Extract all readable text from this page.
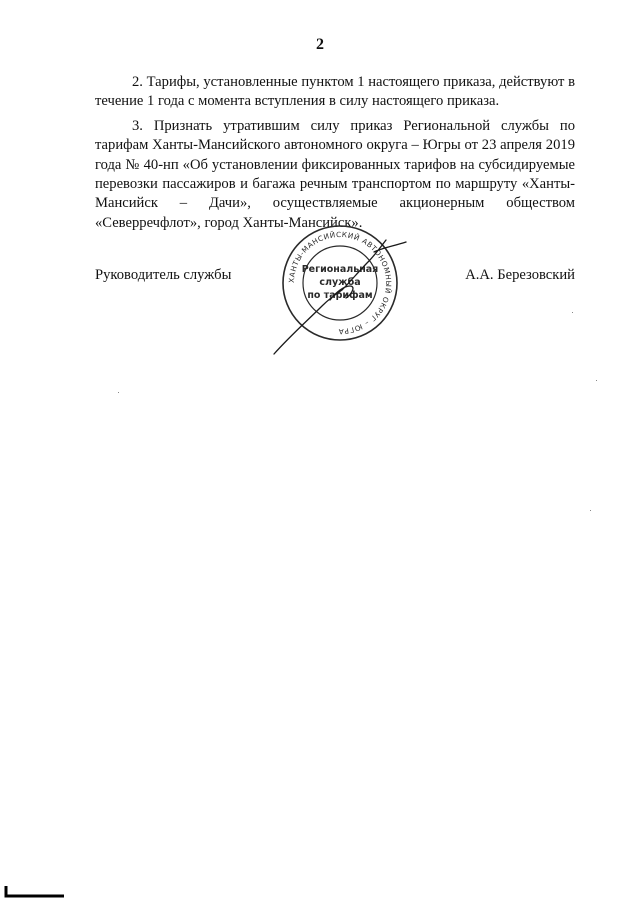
2

2. Тарифы, установленные пунктом 1 настоящего приказа, действуют в течение 1 года с момента вступления в силу настоящего приказа.

3. Признать утратившим силу приказ Региональной службы по тарифам Ханты-Мансийского автономного округа – Югры от 23 апреля 2019 года № 40-нп «Об установлении фиксированных тарифов на субсидируемые перевозки пассажиров и багажа речным транспортом по маршруту «Ханты-Мансийск – Дачи», осуществляемые акционерным обществом «Северречфлот», город Ханты-Мансийск».

Руководитель службы	А.А. Березовский
ХАНТЫ-МАНСИЙСКИЙ АВТОНОМНЫЙ ОКРУГ – ЮГРА
Региональная
служба
по тарифам
